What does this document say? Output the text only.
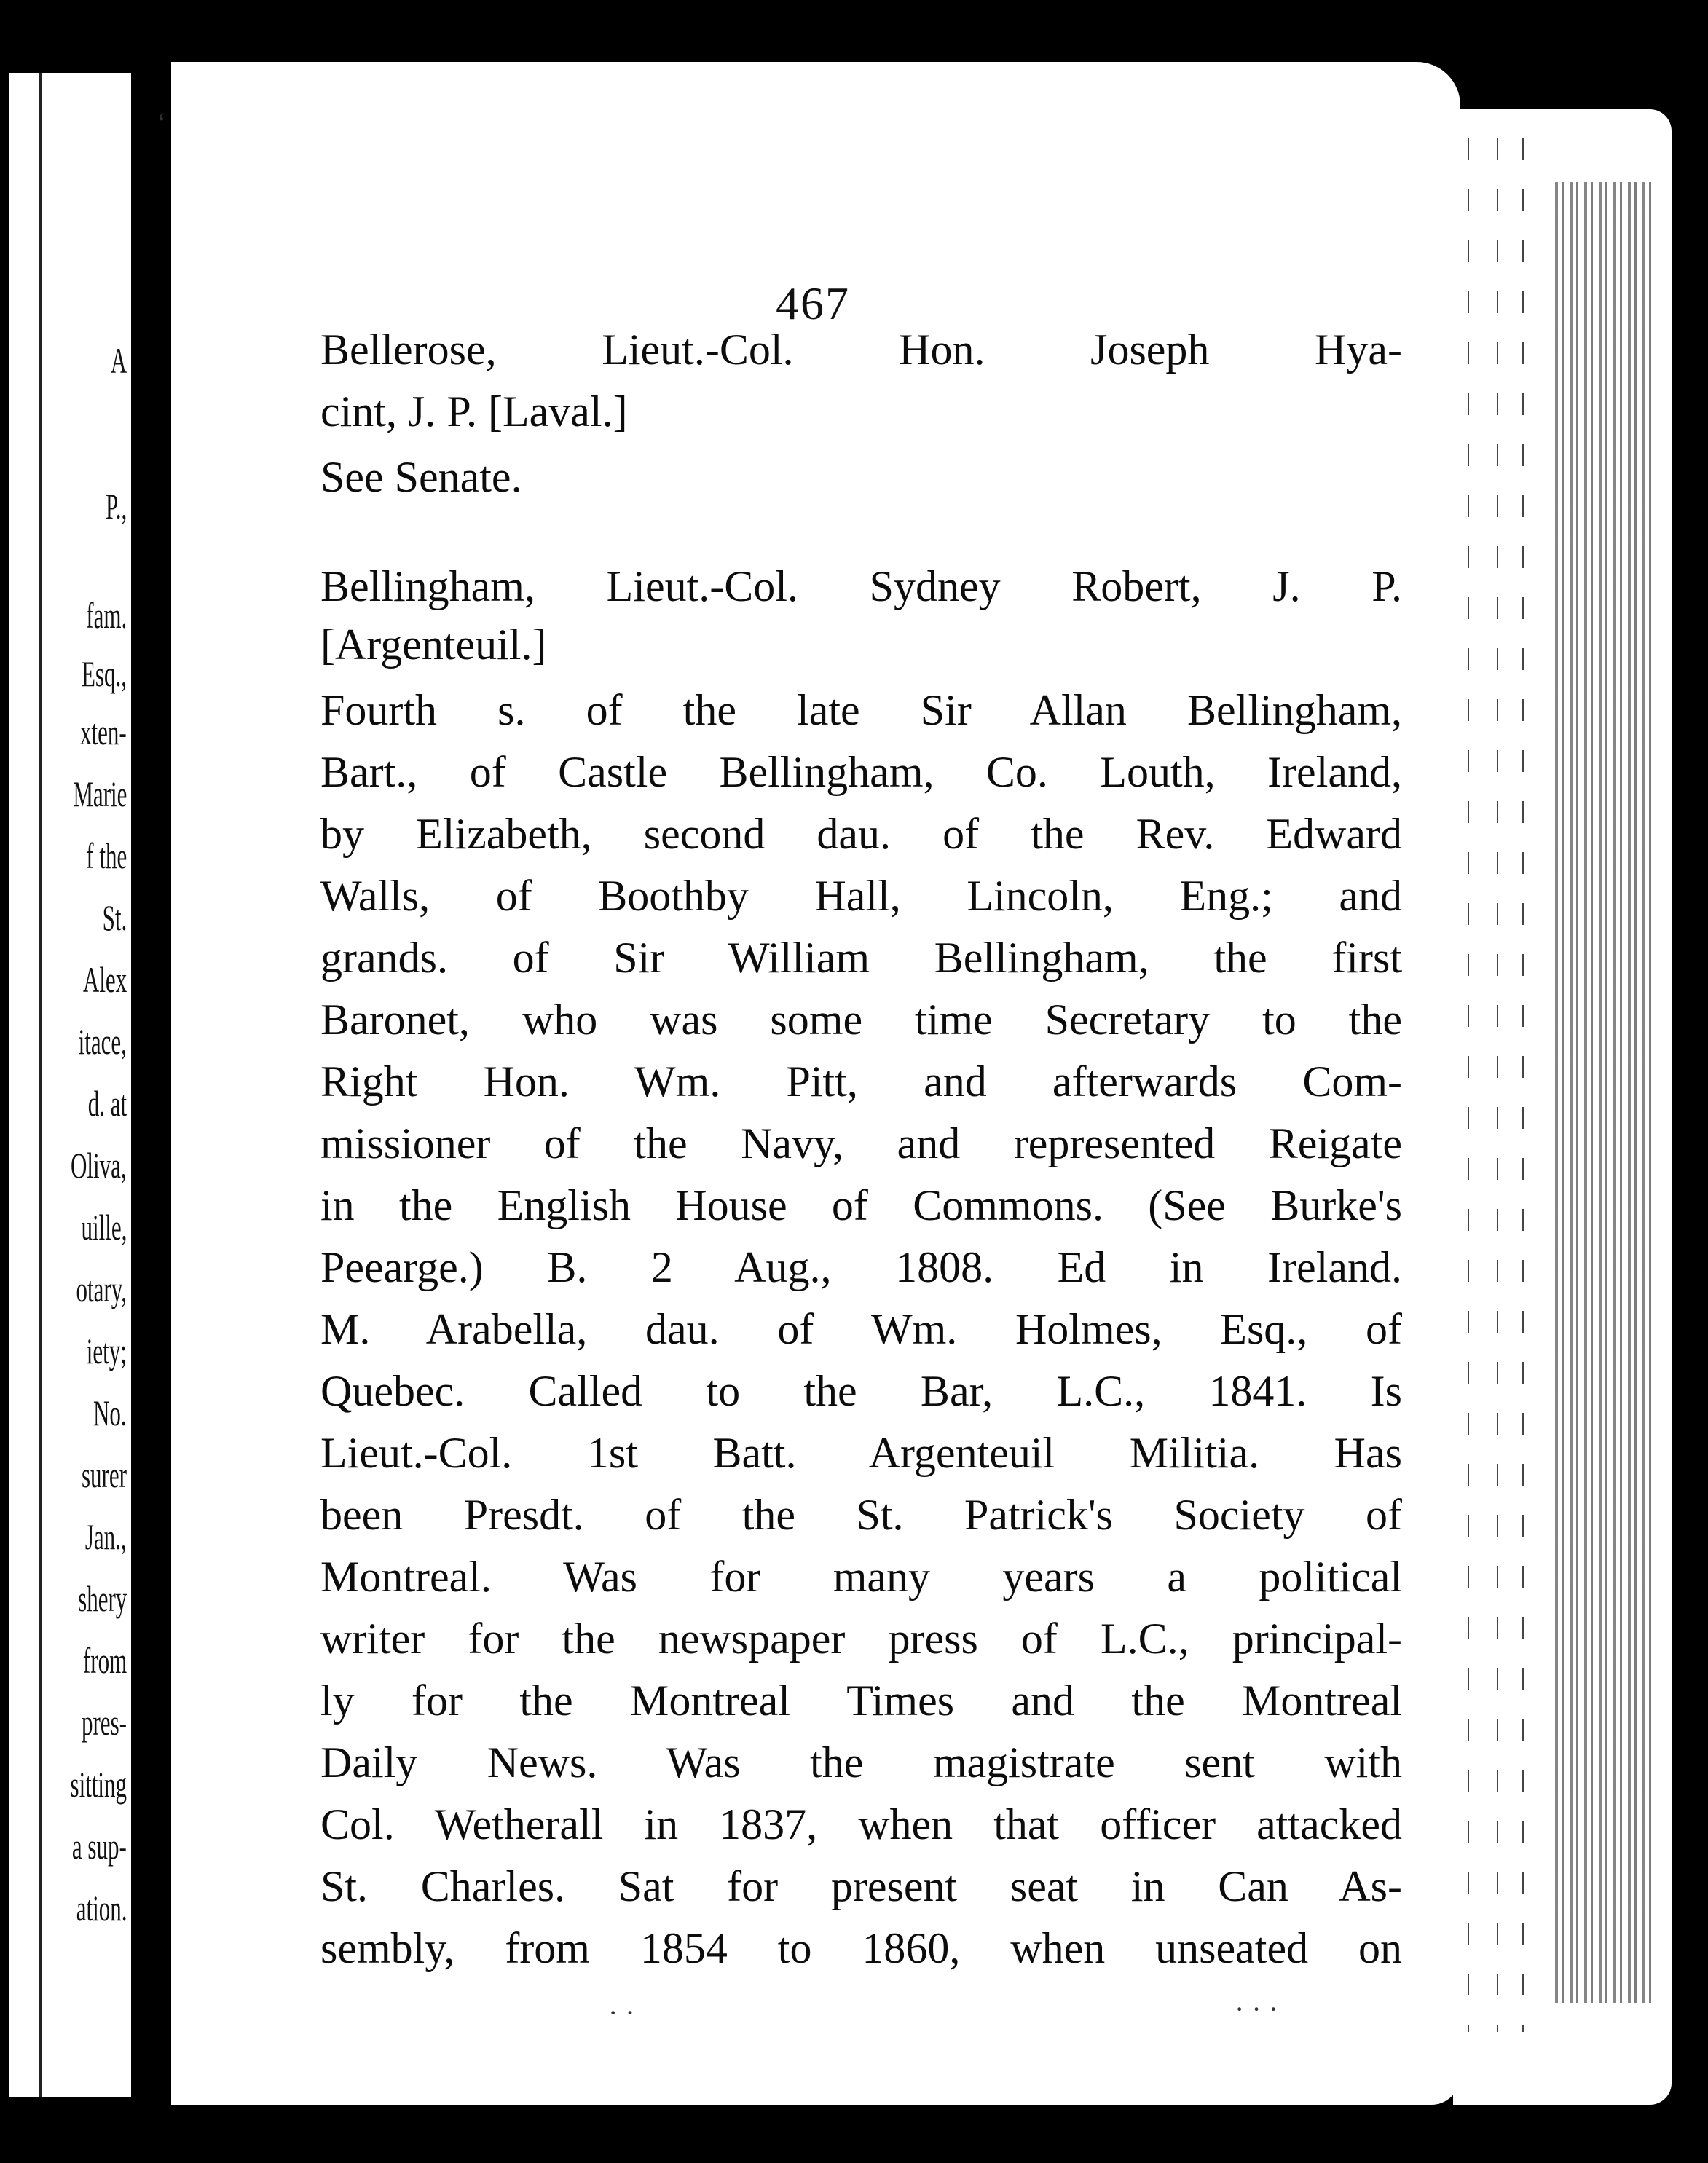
A
P.,
fam.
Esq.,
xten-
Marie
f the
St.
Alex
itace,
d. at
Oliva,
uille,
otary,
iety;
No.
surer
Jan.,
shery
from
pres-
sitting
a sup-
ation.
‘
467
Bellerose, Lieut.-Col. Hon. Joseph Hya-
cint, J. P. [Laval.]
See Senate.
Bellingham, Lieut.-Col. Sydney Robert, J. P.
[Argenteuil.]
Fourth s. of the late Sir Allan Bellingham,
Bart., of Castle Bellingham, Co. Louth, Ireland,
by Elizabeth, second dau. of the Rev. Edward
Walls, of Boothby Hall, Lincoln, Eng.; and
grands. of Sir William Bellingham, the first
Baronet, who was some time Secretary to the
Right Hon. Wm. Pitt, and afterwards Com-
missioner of the Navy, and represented Reigate
in the English House of Commons. (See Burke's
Peearge.) B. 2 Aug., 1808. Ed in Ireland.
M. Arabella, dau. of Wm. Holmes, Esq., of
Quebec. Called to the Bar, L.C., 1841. Is
Lieut.-Col. 1st Batt. Argenteuil Militia. Has
been Presdt. of the St. Patrick's Society of
Montreal. Was for many years a political
writer for the newspaper press of L.C., principal-
ly for the Montreal Times and the Montreal
Daily News. Was the magistrate sent with
Col. Wetherall in 1837, when that officer attacked
St. Charles. Sat for present seat in Can As-
sembly, from 1854 to 1860, when unseated on
· · ·
· ·
